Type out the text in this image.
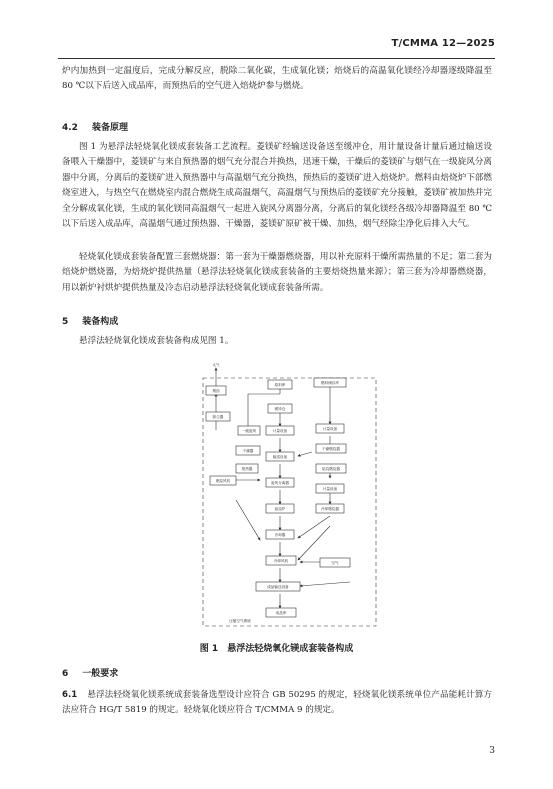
T/CMMA 12—2025
炉内加热到一定温度后，完成分解反应，脱除二氧化碳，生成氧化镁；焙烧后的高温氧化镁经冷却器逐级降温至 80 ℃以下后送入成品库，而预热后的空气进入焙烧炉参与燃烧。
4.2 装备原理
图 1 为悬浮法轻烧氧化镁成套装备工艺流程。菱镁矿经输送设备送至缓冲仓，用计量设备计量后通过输送设备喂入干燥器中，菱镁矿与来自预热器的烟气充分混合并换热，迅速干燥，干燥后的菱镁矿与烟气在一级旋风分离器中分离，分离后的菱镁矿进入预热器中与高温烟气充分换热，预热后的菱镁矿进入焙烧炉。燃料由焙烧炉下部燃烧室进入，与热空气在燃烧室内混合燃烧生成高温烟气，高温烟气与预热后的菱镁矿充分接触，菱镁矿被加热并完全分解成氧化镁，生成的氧化镁同高温烟气一起进入旋风分离器分离，分离后的氧化镁经各级冷却器降温至 80 ℃以下后送入成品库，高温烟气通过预热器、干燥器，菱镁矿原矿被干燥、加热，烟气经除尘净化后排入大气。
轻烧氧化镁成套装备配置三套燃烧器：第一套为干燥器燃烧器，用以补充原料干燥所需热量的不足；第二套为焙烧炉燃烧器，为焙烧炉提供热量（悬浮法轻烧氧化镁成套装备的主要焙烧热量来源）；第三套为冷却器燃烧器，用以新炉衬烘炉提供热量及冷态启动悬浮法轻烧氧化镁成套装备所需。
5 装备构成
悬浮法轻烧氧化镁成套装备构成见图 1。
大气
烟囱
原料库	燃料储存库
除尘器
缓冲仓
一级旋风	计量设备	计量设备
干燥器
输送设备
干燥燃烧器
预热器
旋风分离器
焙烧燃烧器
燃烧风机
焙烧炉
计量设备
冷却燃烧器
冷却器
冷却风机	空气
成品输送设备
成品库
压缩空气系统
图 1　悬浮法轻烧氧化镁成套装备构成
6 一般要求
6.1 悬浮法轻烧氧化镁系统成套装备选型设计应符合 GB 50295 的规定，轻烧氧化镁系统单位产品能耗计算方法应符合 HG/T 5819 的规定。轻烧氧化镁应符合 T/CMMA 9 的规定。
3
